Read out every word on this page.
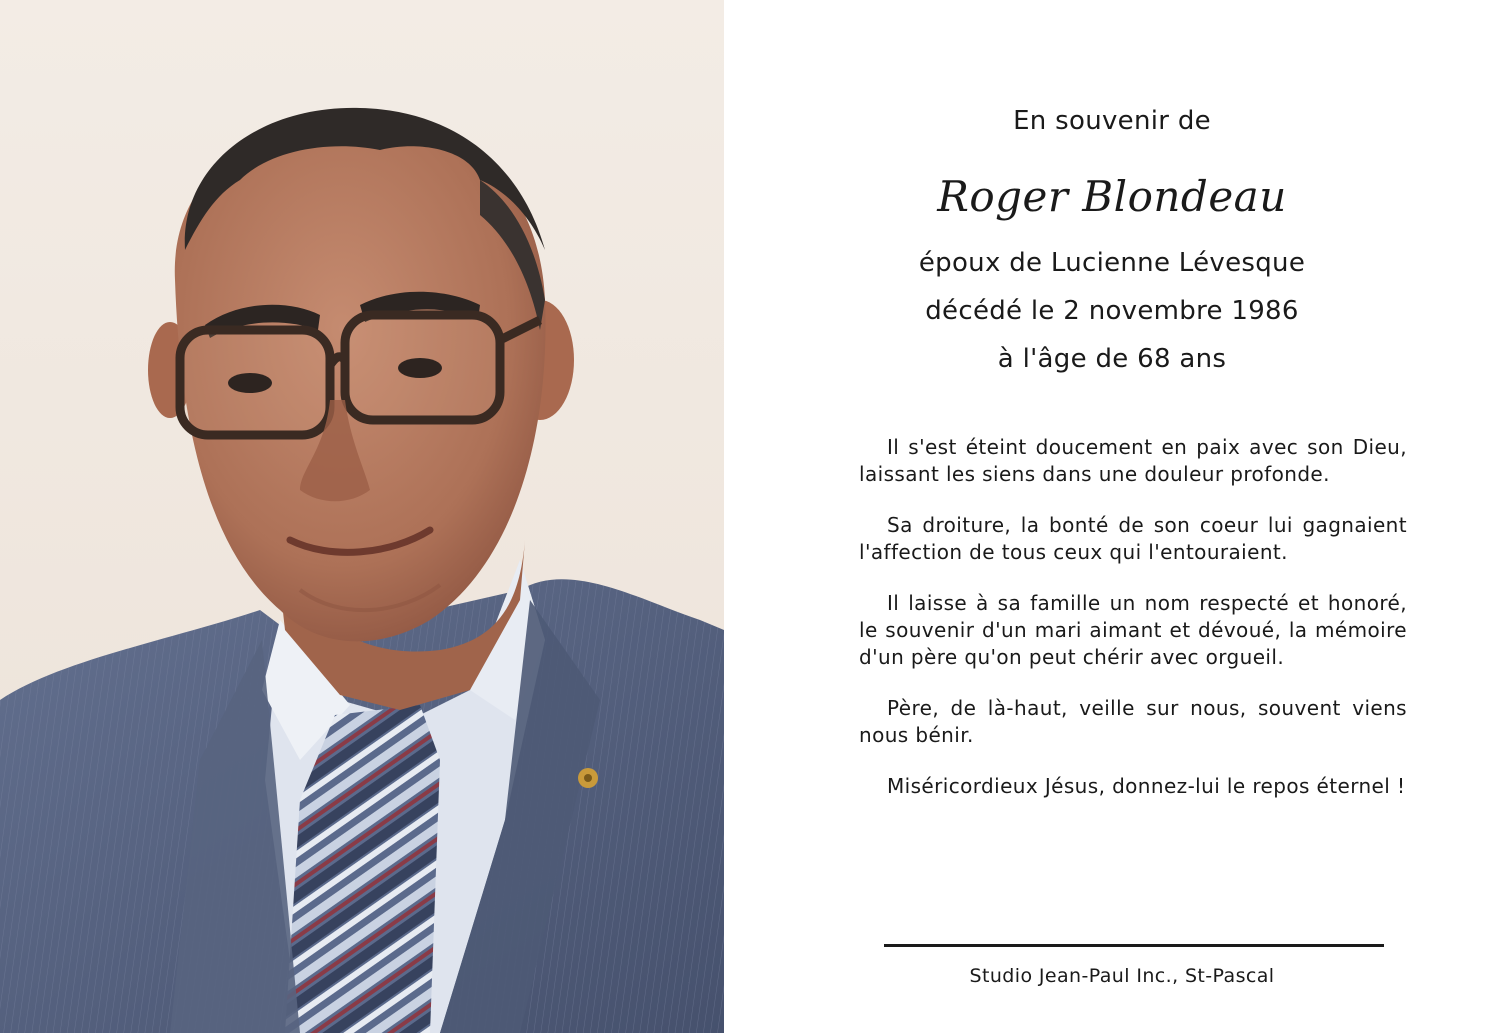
En souvenir de
Roger Blondeau
époux de Lucienne Lévesque
décédé le 2 novembre 1986
à l'âge de 68 ans

Il s'est éteint doucement en paix avec son Dieu, laissant les siens dans une douleur profonde.

Sa droiture, la bonté de son coeur lui gagnaient l'affection de tous ceux qui l'entouraient.

Il laisse à sa famille un nom respecté et honoré, le souvenir d'un mari aimant et dévoué, la mémoire d'un père qu'on peut chérir avec orgueil.

Père, de là-haut, veille sur nous, souvent viens nous bénir.

Miséricordieux Jésus, donnez-lui le repos éternel !

Studio Jean-Paul Inc., St-Pascal
